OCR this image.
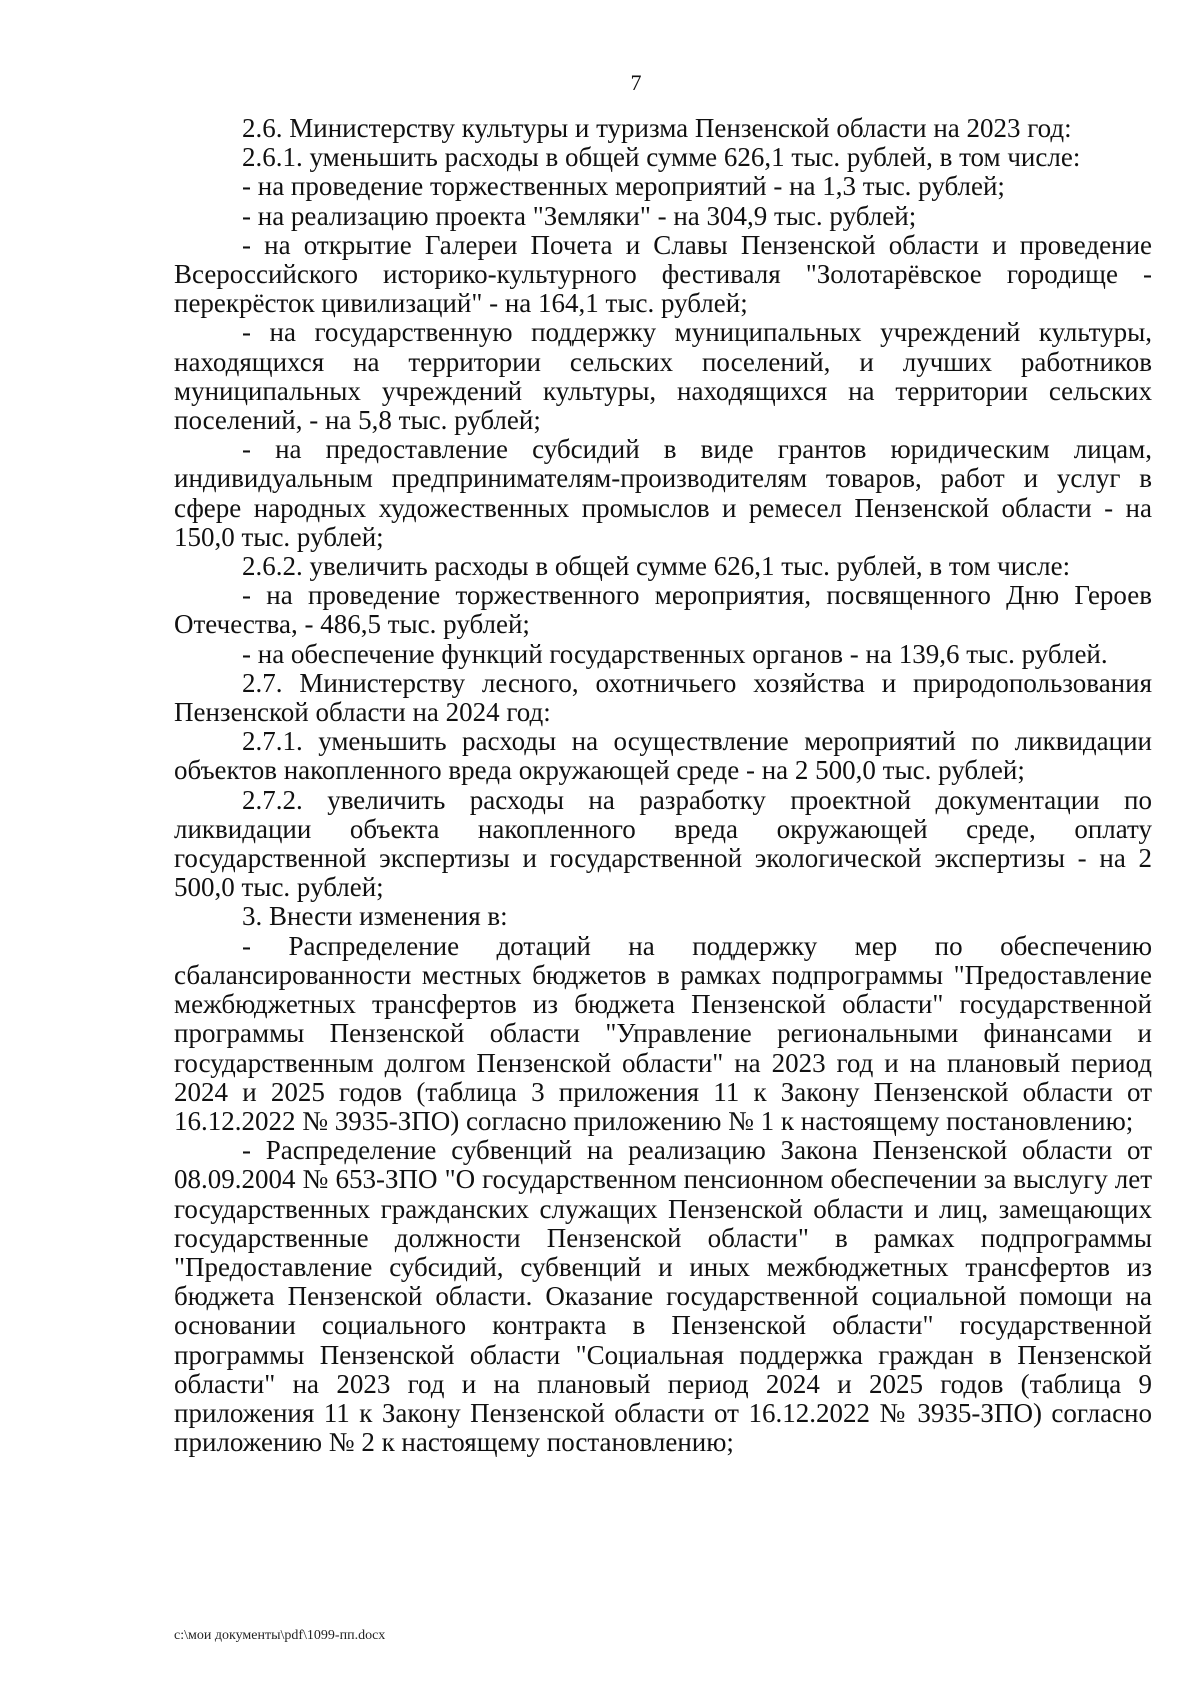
7

2.6. Министерству культуры и туризма Пензенской области на 2023 год:

2.6.1. уменьшить расходы в общей сумме 626,1 тыс. рублей, в том числе:

- на проведение торжественных мероприятий - на 1,3 тыс. рублей;

- на реализацию проекта "Земляки" - на 304,9 тыс. рублей;

- на открытие Галереи Почета и Славы Пензенской области и проведение Всероссийского историко-культурного фестиваля "Золотарёвское городище - перекрёсток цивилизаций" - на 164,1 тыс. рублей;

- на государственную поддержку муниципальных учреждений культуры, находящихся на территории сельских поселений, и лучших работников муниципальных учреждений культуры, находящихся на территории сельских поселений, - на 5,8 тыс. рублей;

- на предоставление субсидий в виде грантов юридическим лицам, индивидуальным предпринимателям-производителям товаров, работ и услуг в сфере народных художественных промыслов и ремесел Пензенской области - на 150,0 тыс. рублей;

2.6.2. увеличить расходы в общей сумме 626,1 тыс. рублей, в том числе:

- на проведение торжественного мероприятия, посвященного Дню Героев Отечества, - 486,5 тыс. рублей;

- на обеспечение функций государственных органов - на 139,6 тыс. рублей.

2.7. Министерству лесного, охотничьего хозяйства и природопользования Пензенской области на 2024 год:

2.7.1. уменьшить расходы на осуществление мероприятий по ликвидации объектов накопленного вреда окружающей среде - на 2 500,0 тыс. рублей;

2.7.2. увеличить расходы на разработку проектной документации по ликвидации объекта накопленного вреда окружающей среде, оплату государственной экспертизы и государственной экологической экспертизы - на 2 500,0 тыс. рублей;

3. Внести изменения в:

- Распределение дотаций на поддержку мер по обеспечению сбалансированности местных бюджетов в рамках подпрограммы "Предоставление межбюджетных трансфертов из бюджета Пензенской области" государственной программы Пензенской области "Управление региональными финансами и государственным долгом Пензенской области" на 2023 год и на плановый период 2024 и 2025 годов (таблица 3 приложения 11 к Закону Пензенской области от 16.12.2022 № 3935-ЗПО) согласно приложению № 1 к настоящему постановлению;

- Распределение субвенций на реализацию Закона Пензенской области от 08.09.2004 № 653-ЗПО "О государственном пенсионном обеспечении за выслугу лет государственных гражданских служащих Пензенской области и лиц, замещающих государственные должности Пензенской области" в рамках подпрограммы "Предоставление субсидий, субвенций и иных межбюджетных трансфертов из бюджета Пензенской области. Оказание государственной социальной помощи на основании социального контракта в Пензенской области" государственной программы Пензенской области "Социальная поддержка граждан в Пензенской области" на 2023 год и на плановый период 2024 и 2025 годов (таблица 9 приложения 11 к Закону Пензенской области от 16.12.2022 № 3935-ЗПО) согласно приложению № 2 к настоящему постановлению;

c:\мои документы\pdf\1099-пп.docx
